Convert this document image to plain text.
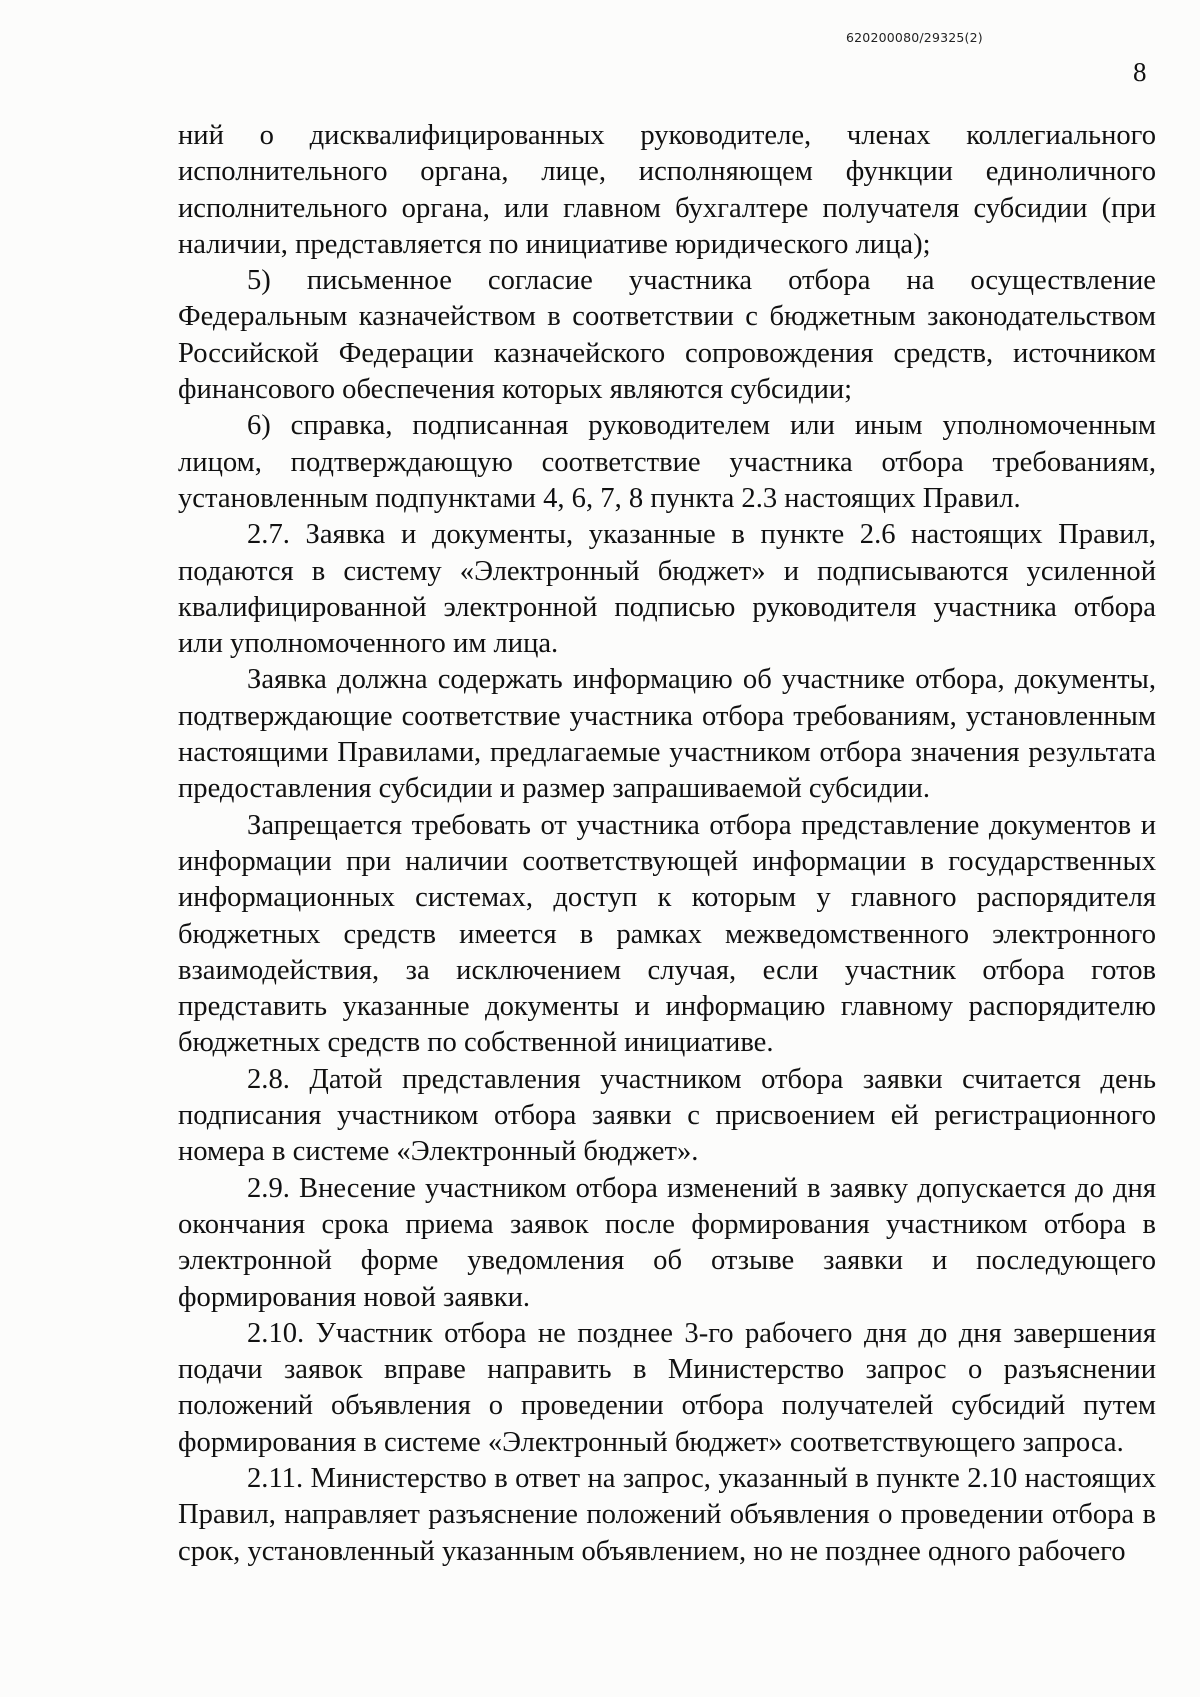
620200080/29325(2)
8

ний о дисквалифицированных руководителе, членах коллегиального исполнительного органа, лице, исполняющем функции единоличного исполнительного органа, или главном бухгалтере получателя субсидии (при наличии, представляется по инициативе юридического лица);

5) письменное согласие участника отбора на осуществление Федеральным казначейством в соответствии с бюджетным законодательством Российской Федерации казначейского сопровождения средств, источником финансового обеспечения которых являются субсидии;

6) справка, подписанная руководителем или иным уполномоченным лицом, подтверждающую соответствие участника отбора требованиям, установленным подпунктами 4, 6, 7, 8 пункта 2.3 настоящих Правил.

2.7. Заявка и документы, указанные в пункте 2.6 настоящих Правил, подаются в систему «Электронный бюджет» и подписываются усиленной квалифицированной электронной подписью руководителя участника отбора или уполномоченного им лица.

Заявка должна содержать информацию об участнике отбора, документы, подтверждающие соответствие участника отбора требованиям, установленным настоящими Правилами, предлагаемые участником отбора значения результата предоставления субсидии и размер запрашиваемой субсидии.

Запрещается требовать от участника отбора представление документов и информации при наличии соответствующей информации в государственных информационных системах, доступ к которым у главного распорядителя бюджетных средств имеется в рамках межведомственного электронного взаимодействия, за исключением случая, если участник отбора готов представить указанные документы и информацию главному распорядителю бюджетных средств по собственной инициативе.

2.8. Датой представления участником отбора заявки считается день подписания участником отбора заявки с присвоением ей регистрационного номера в системе «Электронный бюджет».

2.9. Внесение участником отбора изменений в заявку допускается до дня окончания срока приема заявок после формирования участником отбора в электронной форме уведомления об отзыве заявки и последующего формирования новой заявки.

2.10. Участник отбора не позднее 3-го рабочего дня до дня завершения подачи заявок вправе направить в Министерство запрос о разъяснении положений объявления о проведении отбора получателей субсидий путем формирования в системе «Электронный бюджет» соответствующего запроса.

2.11. Министерство в ответ на запрос, указанный в пункте 2.10 настоящих Правил, направляет разъяснение положений объявления о проведении отбора в срок, установленный указанным объявлением, но не позднее одного рабочего
